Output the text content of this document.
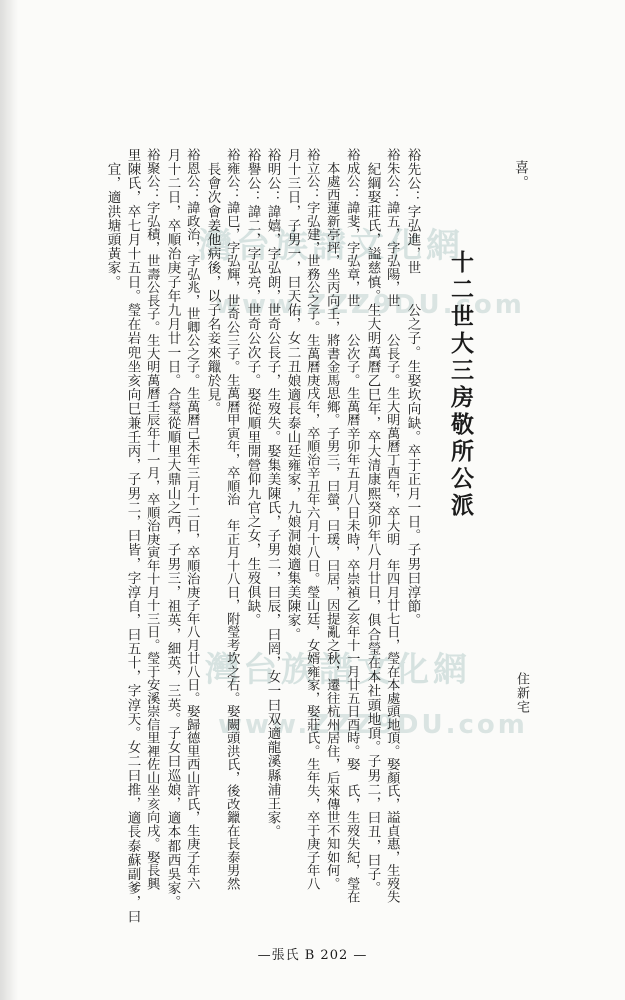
灣台族譜文化網
www.ZZZ9DU.com
灣台族譜文化網
www.ZZZ9DU.com
喜。
十二世大三房敬所公派
住新宅
裕先公：字弘進，世　　公之子。生娶坎向缺。卒于正月一日。子男曰淳節。
裕朱公：諱五，字弘陽，世　　公長子。生大明萬曆丁酉年，卒大明　年四月廿七日，瑩在本處頭地頂。娶顏氏，謚貞惠，生歿失
　紀綱娶莊氏，謚慈慎。生大明萬曆乙巳年，卒大清康熙癸卯年八月廿日，俱合瑩在本社頭地頂。子男二，曰丑，曰子。
裕成公：諱斐，字弘章，世　　公次子。生萬曆辛卯年五月八日未時，卒崇禎乙亥年十一月廿五日酉時。娶　氏，生歿失紀，瑩在
　本處西蓮新亭坪，坐丙向壬，將書金馬思鄉。子男三，曰螢，曰瑗，曰居，因提亂之秋，遷往杭州居住，后來傳世不知如何。
裕立公：字弘建，世務公之子。生萬曆庚戌年，卒順治辛丑年六月十八日。瑩山廷，女婿雍家，娶莊氏。生年失，卒于庚子年八
月十三日，子男一，曰天佑，女二丑娘適長泰山廷雍家，九娘洞娘適集美陳家。
裕明公：諱嬉，字弘朗，世奇公長子，生歿失。娶集美陳氏，子男二，曰辰，曰罔，女一曰双適龍溪縣浦王家。
裕譽公：諱二，字弘亮，世奇公次子。娶從順里開營仰九官之女，生歿俱缺。
裕雍公：諱巳，字弘輝，世奇公三子。生萬曆甲寅年，卒順治　年正月十八日，附瑩考坎之右。娶闕頭洪氏，後改鑞在長泰男然
　長會次會姜他病後，以子名妾來鑞於見。
裕恩公：諱政治，字弘兆，世卿公之子。生萬曆己未年三月十二日，卒順治庚子年八月廿八日。娶歸德里西山許氏，生庚子年六
月十二日，卒順治庚子年九月廿一日。合瑩從順里大鼎山之西，子男三，祖英，細英，三英。子女曰巡娘，適本都西吳家。
裕聚公：字弘積，世壽公長子。生大明萬曆壬辰年十一月，卒順治庚寅年十月十三日。瑩于安溪崇信里裡佐山坐亥向戌。娶長興
里陳氏，卒七月十五日。瑩在岩兜坐亥向巳兼壬丙，子男二，曰皆，字淳自，曰五十，字淳天。女二曰推，適長泰蘇副爹，曰
　宜，適洪塘頭黃家。
—張氏 B 202 —
